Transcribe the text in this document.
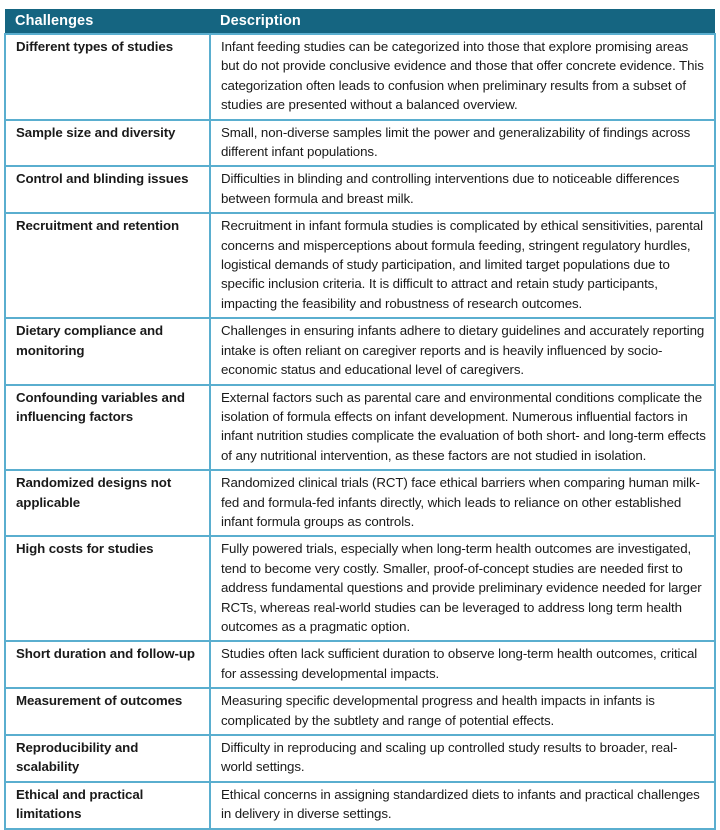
Challenges	Description
Different types of studies	Infant feeding studies can be categorized into those that explore promising areas but do not provide conclusive evidence and those that offer concrete evidence. This categorization often leads to confusion when preliminary results from a subset of studies are presented without a balanced overview.
Sample size and diversity	Small, non-diverse samples limit the power and generalizability of findings across different infant populations.
Control and blinding issues	Difficulties in blinding and controlling interventions due to noticeable differences between formula and breast milk.
Recruitment and retention	Recruitment in infant formula studies is complicated by ethical sensitivities, parental concerns and misperceptions about formula feeding, stringent regulatory hurdles, logistical demands of study participation, and limited target populations due to specific inclusion criteria. It is difficult to attract and retain study participants, impacting the feasibility and robustness of research outcomes.
Dietary compliance and monitoring	Challenges in ensuring infants adhere to dietary guidelines and accurately reporting intake is often reliant on caregiver reports and is heavily influenced by socio-economic status and educational level of caregivers.
Confounding variables and influencing factors	External factors such as parental care and environmental conditions complicate the isolation of formula effects on infant development. Numerous influential factors in infant nutrition studies complicate the evaluation of both short- and long-term effects of any nutritional intervention, as these factors are not studied in isolation.
Randomized designs not applicable	Randomized clinical trials (RCT) face ethical barriers when comparing human milk-fed and formula-fed infants directly, which leads to reliance on other established infant formula groups as controls.
High costs for studies	Fully powered trials, especially when long-term health outcomes are investigated, tend to become very costly. Smaller, proof-of-concept studies are needed first to address fundamental questions and provide preliminary evidence needed for larger RCTs, whereas real-world studies can be leveraged to address long term health outcomes as a pragmatic option.
Short duration and follow-up	Studies often lack sufficient duration to observe long-term health outcomes, critical for assessing developmental impacts.
Measurement of outcomes	Measuring specific developmental progress and health impacts in infants is complicated by the subtlety and range of potential effects.
Reproducibility and scalability	Difficulty in reproducing and scaling up controlled study results to broader, real-world settings.
Ethical and practical limitations	Ethical concerns in assigning standardized diets to infants and practical challenges in delivery in diverse settings.
